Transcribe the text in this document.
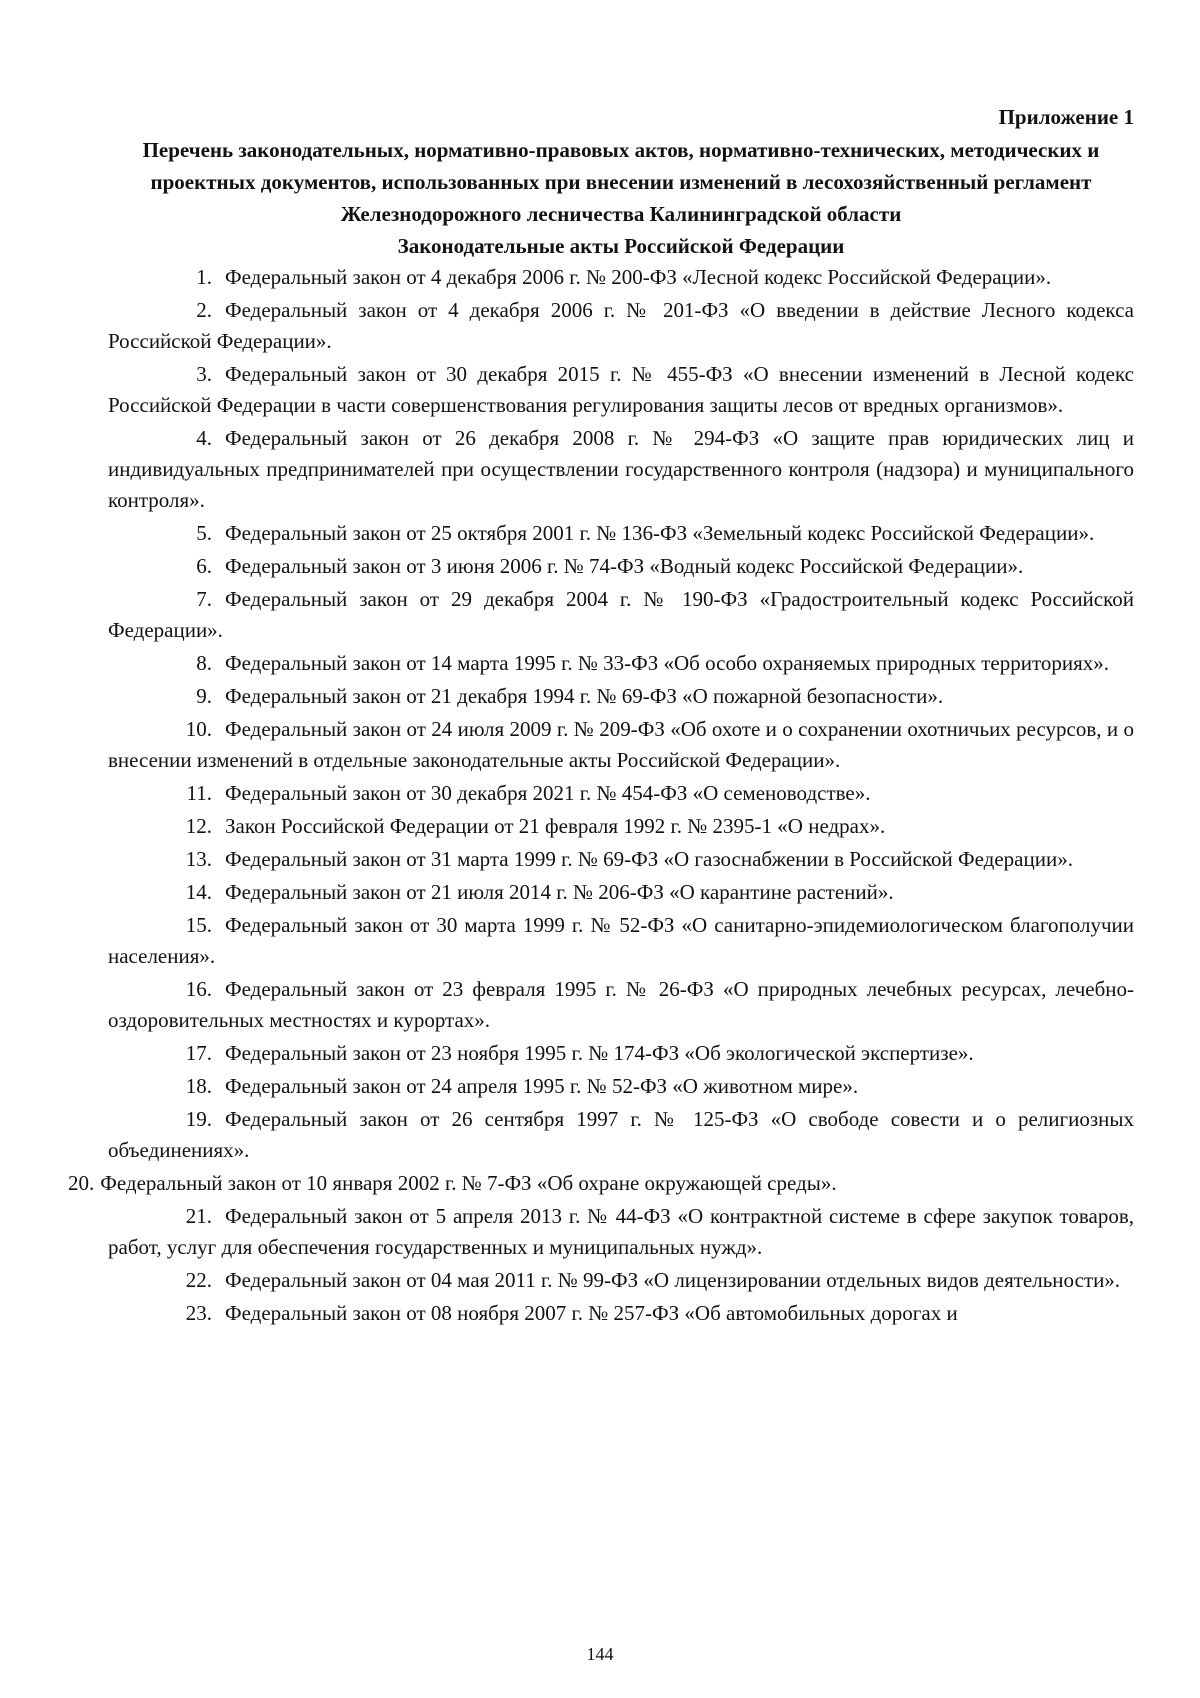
Приложение 1
Перечень законодательных, нормативно-правовых актов, нормативно-технических, методических и проектных документов, использованных при внесении изменений в лесохозяйственный регламент Железнодорожного лесничества Калининградской области
Законодательные акты Российской Федерации

1. Федеральный закон от 4 декабря 2006 г. № 200-ФЗ «Лесной кодекс Российской Федерации».

2. Федеральный закон от 4 декабря 2006 г. № 201-ФЗ «О введении в действие Лесного кодекса Российской Федерации».

3. Федеральный закон от 30 декабря 2015 г. № 455-ФЗ «О внесении изменений в Лесной кодекс Российской Федерации в части совершенствования регулирования защиты лесов от вредных организмов».

4. Федеральный закон от 26 декабря 2008 г. № 294-ФЗ «О защите прав юридических лиц и индивидуальных предпринимателей при осуществлении государственного контроля (надзора) и муниципального контроля».

5. Федеральный закон от 25 октября 2001 г. № 136-ФЗ «Земельный кодекс Российской Федерации».

6. Федеральный закон от 3 июня 2006 г. № 74-ФЗ «Водный кодекс Российской Федерации».

7. Федеральный закон от 29 декабря 2004 г. № 190-ФЗ «Градостроительный кодекс Российской Федерации».

8. Федеральный закон от 14 марта 1995 г. № 33-ФЗ «Об особо охраняемых природных территориях».

9. Федеральный закон от 21 декабря 1994 г. № 69-ФЗ «О пожарной безопасности».

10. Федеральный закон от 24 июля 2009 г. № 209-ФЗ «Об охоте и о сохранении охотничьих ресурсов, и о внесении изменений в отдельные законодательные акты Российской Федерации».

11. Федеральный закон от 30 декабря 2021 г. № 454-ФЗ «О семеноводстве».

12. Закон Российской Федерации от 21 февраля 1992 г. № 2395-1 «О недрах».

13. Федеральный закон от 31 марта 1999 г. № 69-ФЗ «О газоснабжении в Российской Федерации».

14. Федеральный закон от 21 июля 2014 г. № 206-ФЗ «О карантине растений».

15. Федеральный закон от 30 марта 1999 г. № 52-ФЗ «О санитарно-эпидемиологическом благополучии населения».

16. Федеральный закон от 23 февраля 1995 г. № 26-ФЗ «О природных лечебных ресурсах, лечебно-оздоровительных местностях и курортах».

17. Федеральный закон от 23 ноября 1995 г. № 174-ФЗ «Об экологической экспертизе».

18. Федеральный закон от 24 апреля 1995 г. № 52-ФЗ «О животном мире».

19. Федеральный закон от 26 сентября 1997 г. № 125-ФЗ «О свободе совести и о религиозных объединениях».

20. Федеральный закон от 10 января 2002 г. № 7-ФЗ «Об охране окружающей среды».

21. Федеральный закон от 5 апреля 2013 г. № 44-ФЗ «О контрактной системе в сфере закупок товаров, работ, услуг для обеспечения государственных и муниципальных нужд».

22. Федеральный закон от 04 мая 2011 г. № 99-ФЗ «О лицензировании отдельных видов деятельности».

23. Федеральный закон от 08 ноября 2007 г. № 257-ФЗ «Об автомобильных дорогах и

144
